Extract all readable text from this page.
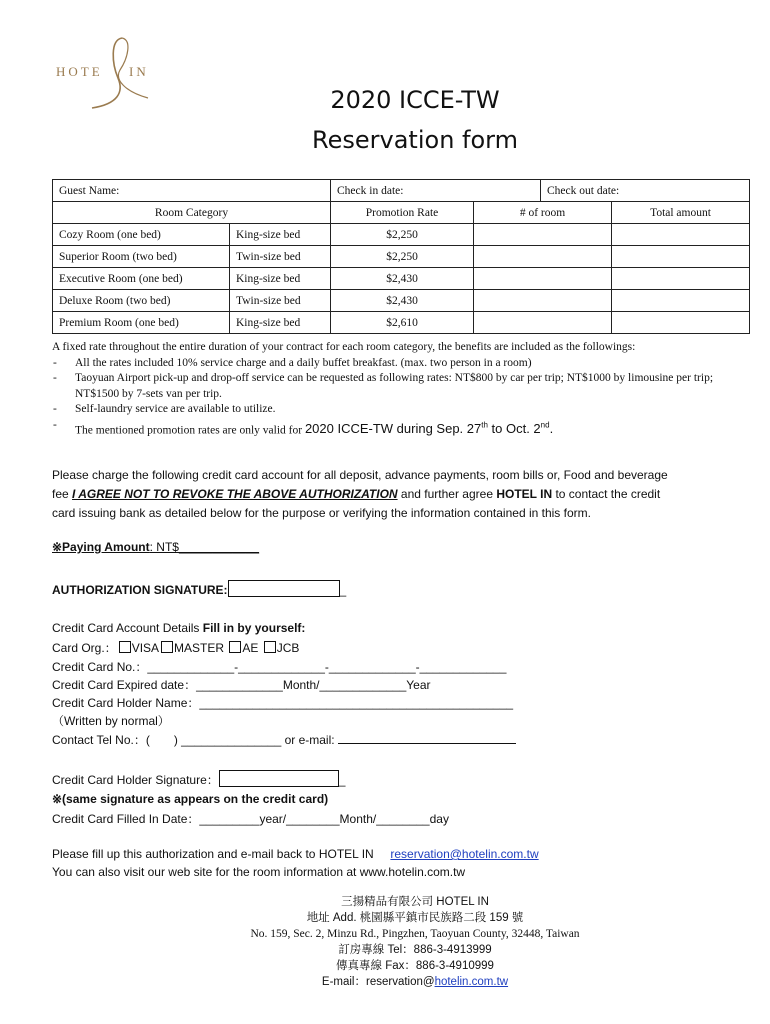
HOTE IN
2020 ICCE-TW
Reservation form
Guest Name:		Check in date:		Check out date:	
Room Category		Promotion Rate	# of room		Total amount
Cozy Room (one bed)	King-size bed	$2,250			
Superior Room (two bed)	Twin-size bed	$2,250			
Executive Room (one bed)	King-size bed	$2,430			
Deluxe Room (two bed)	Twin-size bed	$2,430			
Premium Room (one bed)	King-size bed	$2,610			

A fixed rate throughout the entire duration of your contract for each room category, the benefits are included as the followings:

- All the rates included 10% service charge and a daily buffet breakfast. (max. two person in a room)

- Taoyuan Airport pick-up and drop-off service can be requested as following rates: NT$800 by car per trip; NT$1000 by limousine per trip; NT$1500 by 7-sets van per trip.

- Self-laundry service are available to utilize.

- The mentioned promotion rates are only valid for 2020 ICCE-TW during Sep. 27th to Oct. 2nd.

Please charge the following credit card account for all deposit, advance payments, room bills or, Food and beverage

fee I AGREE NOT TO REVOKE THE ABOVE AUTHORIZATION and further agree HOTEL IN to contact the credit

card issuing bank as detailed below for the purpose or verifying the information contained in this form.

※Paying Amount: NT$____________
AUTHORIZATION SIGNATURE:	_
Credit Card Account Details Fill in by yourself:
Card Org.： VISA MASTER AE JCB
Credit Card No.：_____________-_____________-_____________-_____________
Credit Card Expired date：_____________Month/_____________Year
Credit Card Holder Name：_______________________________________________
（Written by normal）
Contact Tel No.：(　　) _______________ or e-mail:
Credit Card Holder Signature：	_
※(same signature as appears on the credit card)
Credit Card Filled In Date：_________year/________Month/________day
Please fill up this authorization and e-mail back to HOTEL IN reservation@hotelin.com.tw
You can also visit our web site for the room information at www.hotelin.com.tw

三揚精品有限公司 HOTEL IN

地址 Add. 桃園縣平鎮市民族路二段 159 號

No. 159, Sec. 2, Minzu Rd., Pingzhen, Taoyuan County, 32448, Taiwan

訂房專線 Tel：886-3-4913999

傳真專線 Fax：886-3-4910999

E-mail：reservation@hotelin.com.tw
